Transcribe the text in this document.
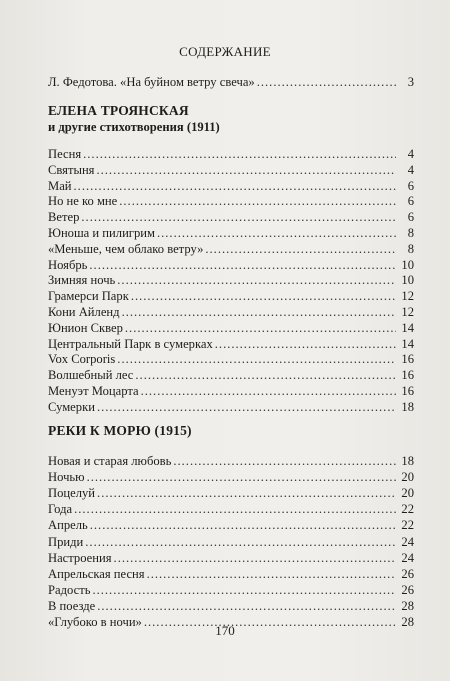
СОДЕРЖАНИЕ
Л. Федотова. «На буйном ветру свеча» .....	3
ЕЛЕНА ТРОЯНСКАЯ
и другие стихотворения (1911)
Песня .....	4
Святыня .....	4
Май .....	6
Но не ко мне .....	6
Ветер .....	6
Юноша и пилигрим .....	8
«Меньше, чем облако ветру» .....	8
Ноябрь .....	10
Зимняя ночь .....	10
Грамерси Парк .....	12
Кони Айленд .....	12
Юнион Сквер .....	14
Центральный Парк в сумерках .....	14
Vox Corporis .....	16
Волшебный лес .....	16
Менуэт Моцарта .....	16
Сумерки .....	18
РЕКИ К МОРЮ (1915)
Новая и старая любовь .....	18
Ночью .....	20
Поцелуй .....	20
Года .....	22
Апрель .....	22
Приди .....	24
Настроения .....	24
Апрельская песня .....	26
Радость .....	26
В поезде .....	28
«Глубоко в ночи» .....	28
170
